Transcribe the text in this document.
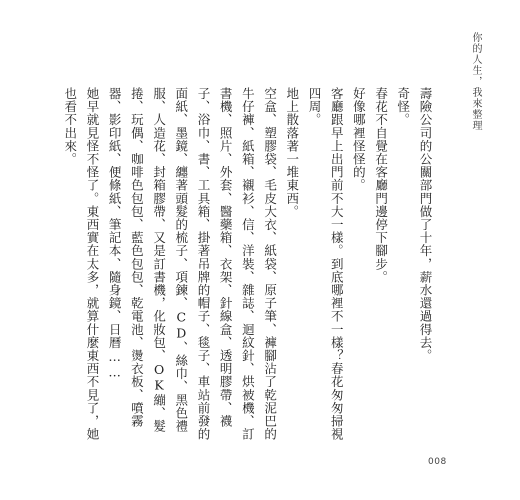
你的人生，我來整理

壽險公司的公關部門做了十年，薪水還過得去。

奇怪。

春花不自覺在客廳門邊停下腳步。

好像哪裡怪怪的。

客廳跟早上出門前不大一樣。到底哪裡不一樣？春花匆匆掃視四周。

地上散落著一堆東西。

空盒、塑膠袋、毛皮大衣、紙袋、原子筆、褲腳沾了乾泥巴的牛仔褲、紙箱、襯衫、信、洋裝、雜誌、迴紋針、烘被機、訂書機、照片、外套、醫藥箱、衣架、針線盒、透明膠帶、襪子、浴巾、書、工具箱、掛著吊牌的帽子、毯子、車站前發的面紙、墨鏡、纏著頭髮的梳子、項鍊、CD、絲巾、黑色禮服、人造花、封箱膠帶、又是訂書機，化妝包、OK繃、髮捲、玩偶、咖啡色包包、藍色包包、乾電池、燙衣板、噴霧器、影印紙、便條紙、筆記本、隨身鏡、日曆……

她早就見怪不怪了。東西實在太多，就算什麼東西不見了，她也看不出來。

008
